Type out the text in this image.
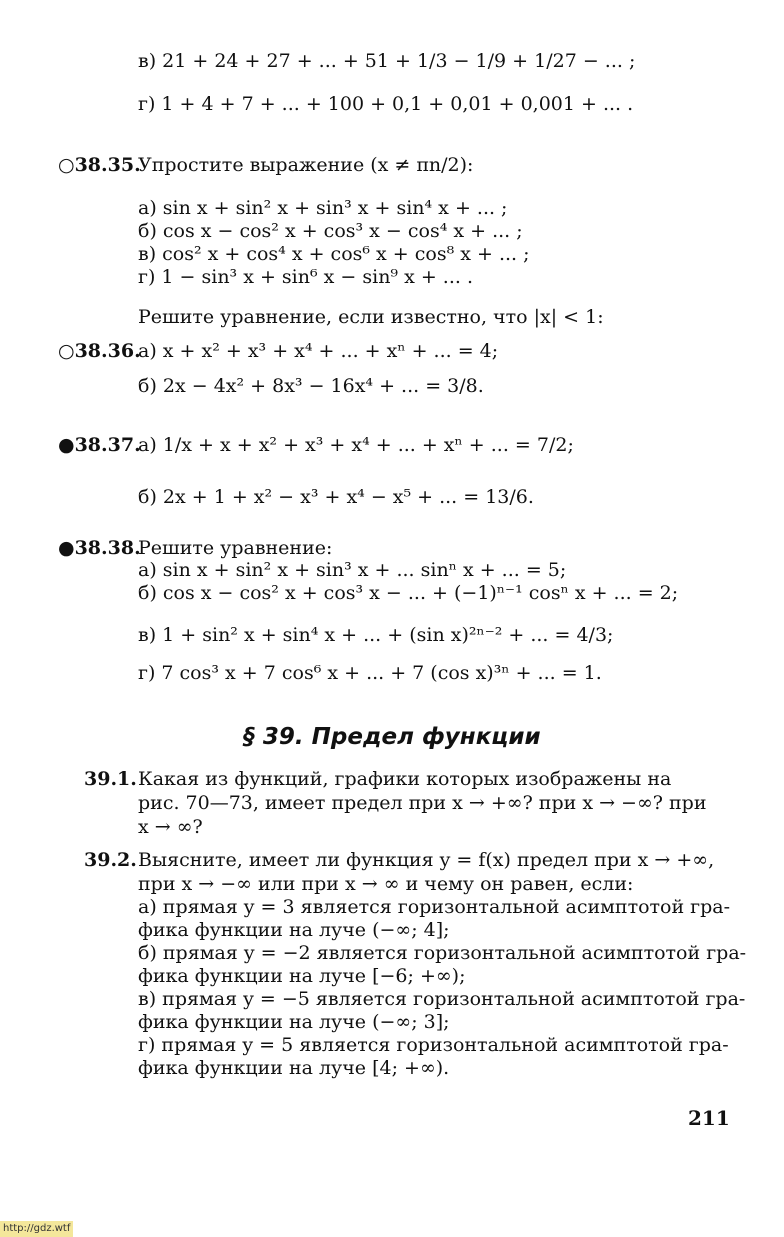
в) 21 + 24 + 27 + ... + 51 + 1/3 − 1/9 + 1/27 − ... ;
г) 1 + 4 + 7 + ... + 100 + 0,1 + 0,01 + 0,001 + ... .
○38.35.
Упростите выражение (x ≠ πn/2):
а) sin x + sin² x + sin³ x + sin⁴ x + ... ;
б) cos x − cos² x + cos³ x − cos⁴ x + ... ;
в) cos² x + cos⁴ x + cos⁶ x + cos⁸ x + ... ;
г) 1 − sin³ x + sin⁶ x − sin⁹ x + ... .
Решите уравнение, если известно, что |x| < 1:
○38.36.
а) x + x² + x³ + x⁴ + ... + xⁿ + ... = 4;
б) 2x − 4x² + 8x³ − 16x⁴ + ... = 3/8.
●38.37.
а) 1/x + x + x² + x³ + x⁴ + ... + xⁿ + ... = 7/2;
б) 2x + 1 + x² − x³ + x⁴ − x⁵ + ... = 13/6.
●38.38.
Решите уравнение:
а) sin x + sin² x + sin³ x + ... sinⁿ x + ... = 5;
б) cos x − cos² x + cos³ x − ... + (−1)ⁿ⁻¹ cosⁿ x + ... = 2;
в) 1 + sin² x + sin⁴ x + ... + (sin x)²ⁿ⁻² + ... = 4/3;
г) 7 cos³ x + 7 cos⁶ x + ... + 7 (cos x)³ⁿ + ... = 1.
§ 39. Предел функции
39.1. Какая из функций, графики которых изображены на
рис. 70—73, имеет предел при x → +∞? при x → −∞? при
x → ∞?
39.2. Выясните, имеет ли функция y = f(x) предел при x → +∞,
при x → −∞ или при x → ∞ и чему он равен, если:
а) прямая y = 3 является горизонтальной асимптотой гра-
фика функции на луче (−∞; 4];
б) прямая y = −2 является горизонтальной асимптотой гра-
фика функции на луче [−6; +∞);
в) прямая y = −5 является горизонтальной асимптотой гра-
фика функции на луче (−∞; 3];
г) прямая y = 5 является горизонтальной асимптотой гра-
фика функции на луче [4; +∞).
211
http://gdz.wtf
